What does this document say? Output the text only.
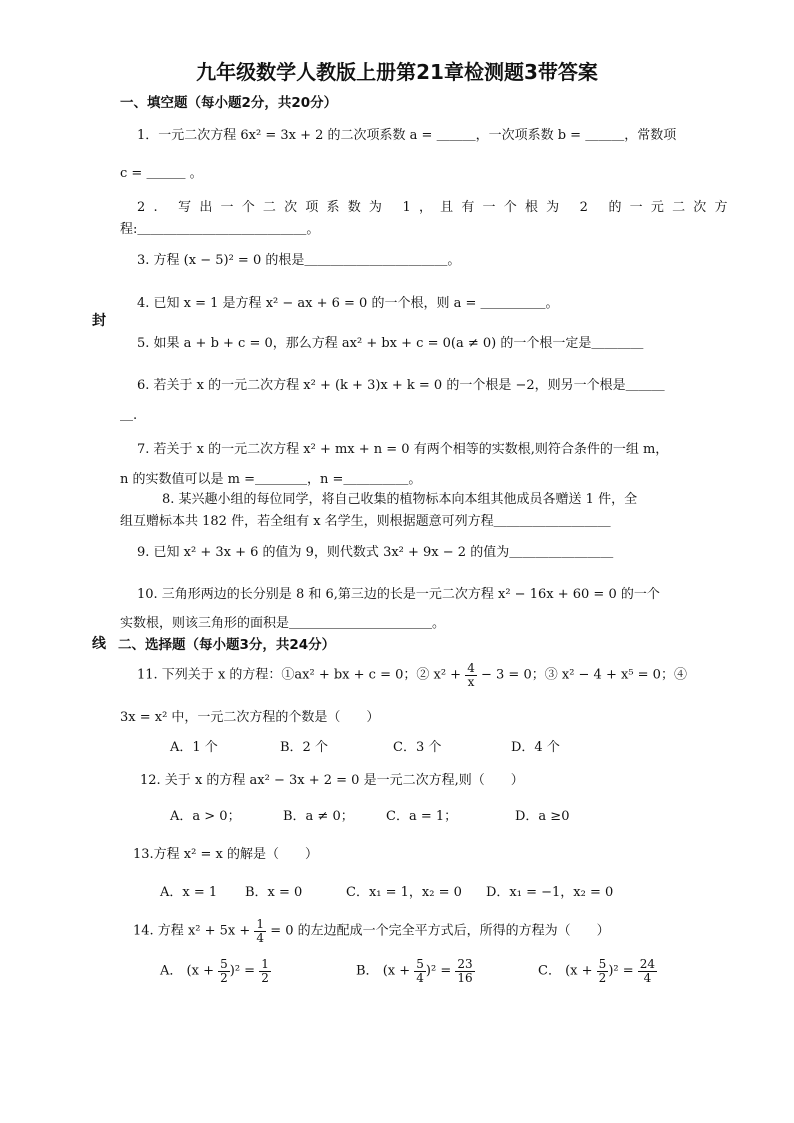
九年级数学人教版上册第21章检测题3带答案
封
线
一、填空题（每小题2分，共20分）
1．一元二次方程 6x² = 3x + 2 的二次项系数 a = ＿＿＿，一次项系数 b = ＿＿＿，常数项
c = ＿＿＿ 。
2. 写出一个二次项系数为 1，且有一个根为 2 的一元二次方
程:＿＿＿＿＿＿＿＿＿＿＿＿＿。
3. 方程 (x − 5)² = 0 的根是＿＿＿＿＿＿＿＿＿＿＿。
4. 已知 x = 1 是方程 x² − ax + 6 = 0 的一个根，则 a = ＿＿＿＿＿。
5. 如果 a + b + c = 0，那么方程 ax² + bx + c = 0(a ≠ 0) 的一个根一定是＿＿＿＿
6. 若关于 x 的一元二次方程 x² + (k + 3)x + k = 0 的一个根是 −2，则另一个根是＿＿＿
＿.
7. 若关于 x 的一元二次方程 x² + mx + n = 0 有两个相等的实数根,则符合条件的一组 m，
n 的实数值可以是 m =＿＿＿＿，n =＿＿＿＿＿。
8. 某兴趣小组的每位同学，将自己收集的植物标本向本组其他成员各赠送 1 件，全
组互赠标本共 182 件，若全组有 x 名学生，则根据题意可列方程＿＿＿＿＿＿＿＿＿
9. 已知 x² + 3x + 6 的值为 9，则代数式 3x² + 9x − 2 的值为＿＿＿＿＿＿＿＿
10. 三角形两边的长分别是 8 和 6,第三边的长是一元二次方程 x² − 16x + 60 = 0 的一个
实数根，则该三角形的面积是＿＿＿＿＿＿＿＿＿＿＿。
二、选择题（每小题3分，共24分）
11. 下列关于 x 的方程：①ax² + bx + c = 0；② $x^2 + \frac{4}{x} - 3 = 0$；③ x² − 4 + x⁵ = 0；④
3x = x² 中，一元二次方程的个数是（　　）
A．1 个	B．2 个	C．3 个	D．4 个
12. 关于 x 的方程 ax² − 3x + 2 = 0 是一元二次方程,则（　　）
A．a > 0；	B．a ≠ 0； C．a = 1；	D．a ≥0
13.方程 x² = x 的解是（　　）
A．x = 1 B．x = 0	C．x₁ = 1，x₂ = 0 D．x₁ = −1，x₂ = 0
14. 方程 $x^2 + 5x + \frac{1}{4} = 0$ 的左边配成一个完全平方式后，所得的方程为（　　）
A． $(x + \frac{5}{2} )^2 = \frac{1}{2}$	B． $(x + \frac{5}{4} )^2 = \frac{23}{16}$	C． $(x + \frac{5}{2} )^2 = \frac{24}{4}$
